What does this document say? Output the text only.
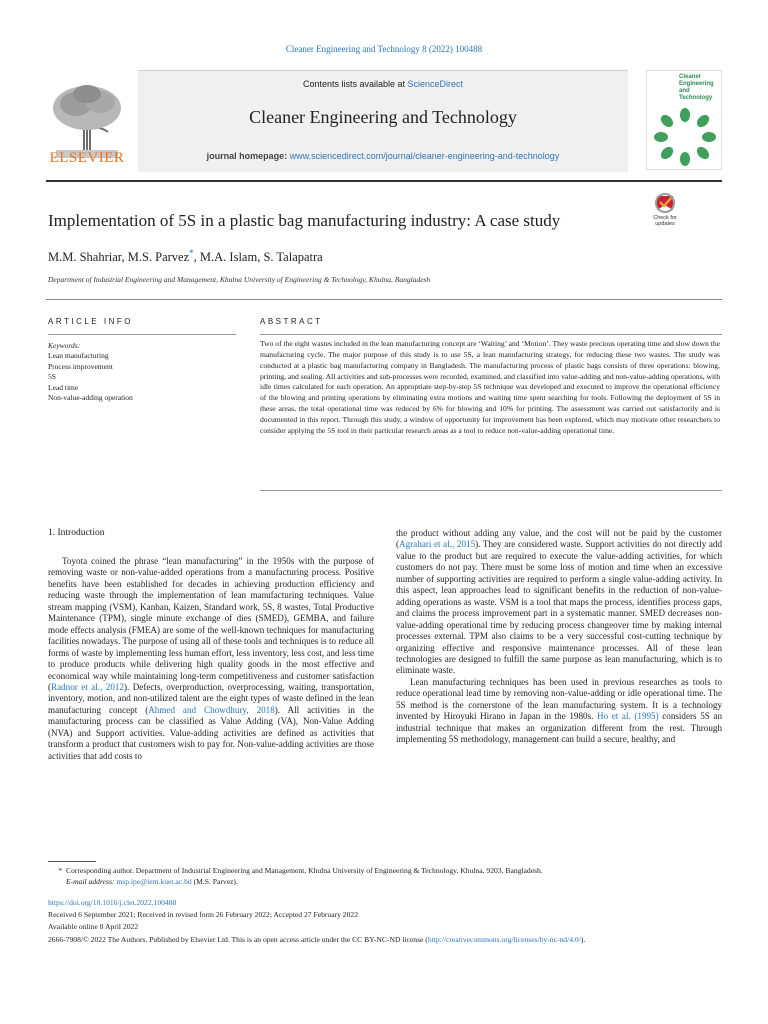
Cleaner Engineering and Technology 8 (2022) 100488
ELSEVIER
Contents lists available at ScienceDirect
Cleaner Engineering and Technology
journal homepage: www.sciencedirect.com/journal/cleaner-engineering-and-technology
Cleaner
Engineering
and Technology
Implementation of 5S in a plastic bag manufacturing industry: A case study	Check for
updates
M.M. Shahriar, M.S. Parvez*, M.A. Islam, S. Talapatra
Department of Industrial Engineering and Management, Khulna University of Engineering & Technology, Khulna, Bangladesh
ARTICLE INFO
Keywords:
Lean manufacturing
Process improvement
5S
Lead time
Non-value-adding operation
ABSTRACT
Two of the eight wastes included in the lean manufacturing concept are ‘Waiting’ and ‘Motion’. They waste precious operating time and slow down the manufacturing cycle. The major purpose of this study is to use 5S, a lean manufacturing strategy, for reducing these two wastes. The study was conducted at a plastic bag manufacturing company in Bangladesh. The manufacturing process of plastic bags consists of three operations: blowing, printing, and sealing. All activities and sub-processes were recorded, examined, and classified into value-adding and non-value-adding operations, with idle times calculated for each operation. An appropriate step-by-step 5S technique was developed and executed to improve the operational efficiency of the blowing and printing operations by eliminating extra motions and waiting time spent searching for tools. Following the deployment of 5S in these areas, the total operational time was reduced by 6% for blowing and 10% for printing. The assessment was carried out satisfactorily and is documented in this report. Through this study, a window of opportunity for improvement has been explored, which may motivate other researchers to consider applying the 5S tool in their particular research areas as a tool to reduce non-value-adding operational time.
1. Introduction

Toyota coined the phrase “lean manufacturing” in the 1950s with the purpose of removing waste or non-value-added operations from a manufacturing process. Positive benefits have been established for decades in achieving production efficiency and reducing waste through the implementation of lean manufacturing techniques. Value stream mapping (VSM), Kanban, Kaizen, Standard work, 5S, 8 wastes, Total Productive Maintenance (TPM), single minute exchange of dies (SMED), GEMBA, and failure mode effects analysis (FMEA) are some of the well-known techniques for manufacturing facilities nowadays. The purpose of using all of these tools and techniques is to reduce all forms of waste by implementing less human effort, less inventory, less cost, and less time to produce products while delivering high quality goods in the most effective and economical way while maintaining long-term competitiveness and customer satisfaction (Radnor et al., 2012). Defects, overproduction, overprocessing, waiting, transportation, inventory, motion, and non-utilized talent are the eight types of waste defined in the lean manufacturing concept (Ahmed and Chowdhury, 2018). All activities in the manufacturing process can be classified as Value Adding (VA), Non-Value Adding (NVA) and Support activities. Value-adding activities are defined as activities that transform a product that customers wish to pay for. Non-value-adding activities are those activities that add costs to

the product without adding any value, and the cost will not be paid by the customer (Agrahari et al., 2015). They are considered waste. Support activities do not directly add value to the product but are required to execute the value-adding activities, for which customers do not pay. There must be some loss of motion and time when an excessive number of supporting activities are required to perform a single value-adding activity. In this aspect, lean approaches lead to significant benefits in the reduction of non-value-adding operations as waste. VSM is a tool that maps the process, identifies process gaps, and claims the process improvement part in a systematic manner. SMED decreases non-value-adding operational time by reducing process changeover time by making internal processes external. TPM also claims to be a very successful cost-cutting technique by organizing effective and responsive maintenance processes. All of these lean technologies are designed to fulfill the same purpose as lean manufacturing, which is to eliminate waste.

Lean manufacturing techniques has been used in previous researches as tools to reduce operational lead time by removing non-value-adding or idle operational time. The 5S method is the cornerstone of the lean manufacturing system. It is a technology invented by Hiroyuki Hirano in Japan in the 1980s. Ho et al. (1995) considers 5S an industrial technique that makes an organization different from the rest. Through implementing 5S methodology, management can build a secure, healthy, and

* Corresponding author. Department of Industrial Engineering and Management, Khulna University of Engineering & Technology, Khulna, 9203, Bangladesh.
E-mail address: msp.ipe@iem.kuet.ac.bd (M.S. Parvez).
https://doi.org/10.1016/j.clet.2022.100488
Received 6 September 2021; Received in revised form 26 February 2022; Accepted 27 February 2022
Available online 8 April 2022
2666-7908/© 2022 The Authors. Published by Elsevier Ltd. This is an open access article under the CC BY-NC-ND license (http://creativecommons.org/licenses/by-nc-nd/4.0/).
